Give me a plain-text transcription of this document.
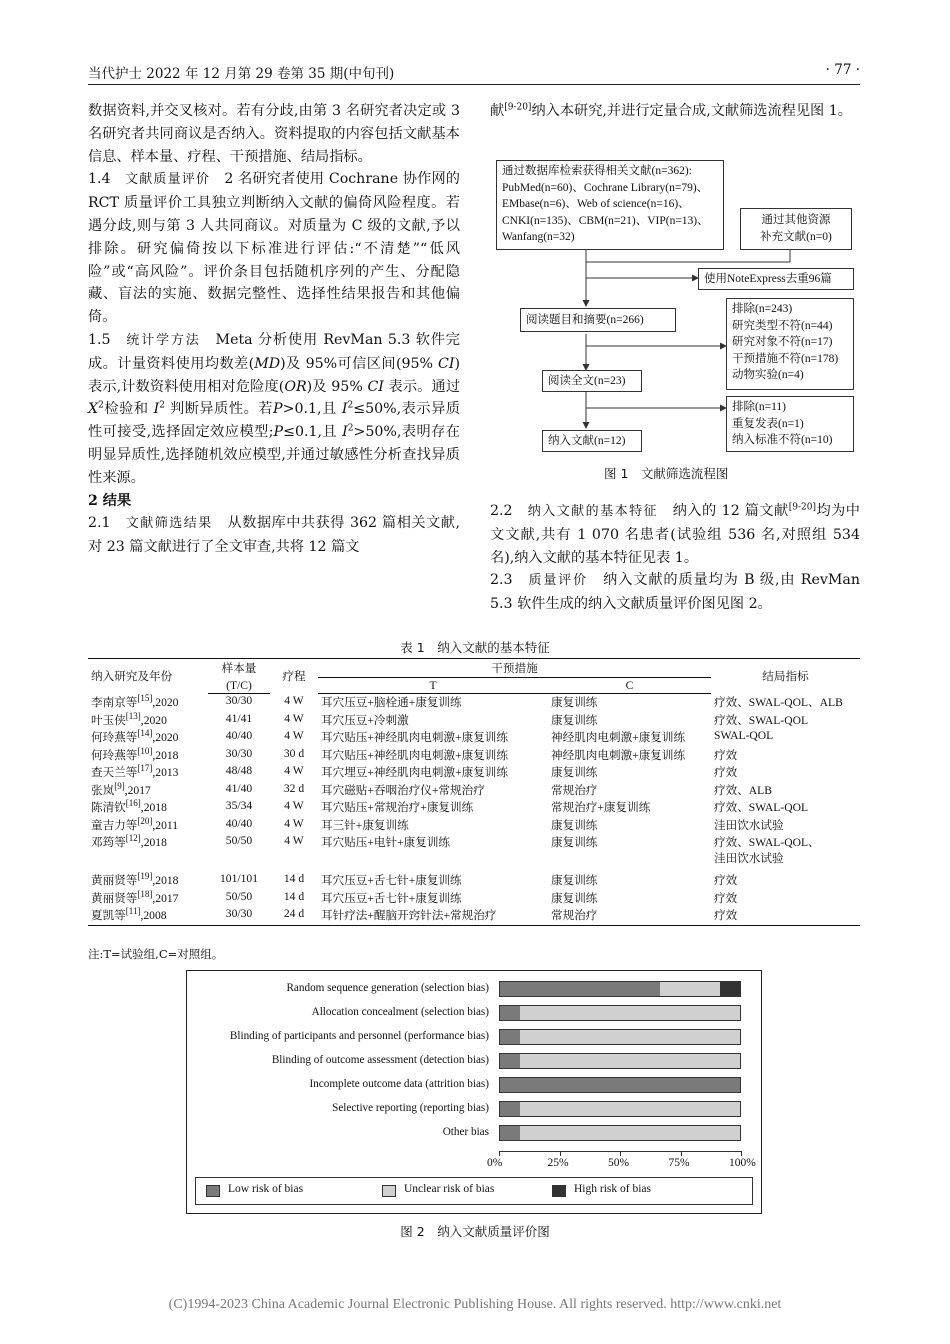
当代护士 2022 年 12 月第 29 卷第 35 期(中旬刊)	· 77 ·

数据资料,并交叉核对。若有分歧,由第 3 名研究者决定或 3 名研究者共同商议是否纳入。资料提取的内容包括文献基本信息、样本量、疗程、干预措施、结局指标。

1.4　 文献质量评价　 2 名研究者使用 Cochrane 协作网的 RCT 质量评价工具独立判断纳入文献的偏倚风险程度。若遇分歧,则与第 3 人共同商议。对质量为 C 级的文献,予以排除。研究偏倚按以下标准进行评估:“不清楚”“低风险”或“高风险”。评价条目包括随机序列的产生、分配隐藏、盲法的实施、数据完整性、选择性结果报告和其他偏倚。

1.5　 统计学方法　 Meta 分析使用 RevMan 5.3 软件完成。计量资料使用均数差(MD)及 95%可信区间(95% CI)表示,计数资料使用相对危险度(OR)及 95% CI 表示。通过$X^2$检验和 $I^2$ 判断异质性。若P>0.1,且 $I^2\le 50\%$,表示异质性可接受,选择固定效应模型;P≤0.1,且 $I^2>50\%$,表明存在明显异质性,选择随机效应模型,并通过敏感性分析查找异质性来源。

2 结果

2.1　 文献筛选结果　 从数据库中共获得 362 篇相关文献,对 23 篇文献进行了全文审查,共将 12 篇文

献[9-20]纳入本研究,并进行定量合成,文献筛选流程见图 1。

通过数据库检索获得相关文献(n=362):
PubMed(n=60)、Cochrane Library(n=79)、
EMbase(n=6)、Web of science(n=16)、
CNKI(n=135)、CBM(n=21)、VIP(n=13)、
Wanfang(n=32)
通过其他资源
补充文献(n=0)
使用NoteExpress去重96篇
阅读题目和摘要(n=266)
排除(n=243)
研究类型不符(n=44)
研究对象不符(n=17)
干预措施不符(n=178)
动物实验(n=4)
阅读全文(n=23)
排除(n=11)
重复发表(n=1)
纳入标准不符(n=10)
纳入文献(n=12)
图 1　文献筛选流程图

2.2　 纳入文献的基本特征　 纳入的 12 篇文献[9-20]均为中文文献,共有 1 070 名患者(试验组 536 名,对照组 534 名),纳入文献的基本特征见表 1。

2.3　 质量评价　 纳入文献的质量均为 B 级,由 RevMan 5.3 软件生成的纳入文献质量评价图见图 2。

表 1　纳入文献的基本特征
纳入研究及年份	样本量	疗程	干预措施		结局指标
	(T/C)		T	C	
李南京等[15],2020	30/30	4 W	耳穴压豆+脑栓通+康复训练	康复训练	疗效、SWAL-QOL、ALB
叶玉侠[13],2020	41/41	4 W	耳穴压豆+冷刺激	康复训练	疗效、SWAL-QOL
何玲燕等[14],2020	40/40	4 W	耳穴贴压+神经肌肉电刺激+康复训练	神经肌肉电刺激+康复训练	SWAL-QOL
何玲燕等[10],2018	30/30	30 d	耳穴贴压+神经肌肉电刺激+康复训练	神经肌肉电刺激+康复训练	疗效
查天兰等[17],2013	48/48	4 W	耳穴埋豆+神经肌肉电刺激+康复训练	康复训练	疗效
张岚[9],2017	41/40	32 d	耳穴磁贴+吞咽治疗仪+常规治疗	常规治疗	疗效、ALB
陈清钦[16],2018	35/34	4 W	耳穴贴压+常规治疗+康复训练	常规治疗+康复训练	疗效、SWAL-QOL
童吉力等[20],2011	40/40	4 W	耳三针+康复训练	康复训练	洼田饮水试验
邓筠等[12],2018	50/50	4 W	耳穴贴压+电针+康复训练	康复训练	疗效、SWAL-QOL、
洼田饮水试验

黄丽贤等[19],2018	101/101	14 d	耳穴压豆+舌七针+康复训练	康复训练	疗效
黄丽贤等[18],2017	50/50	14 d	耳穴压豆+舌七针+康复训练	康复训练	疗效
夏凯等[11],2008	30/30	24 d	耳针疗法+醒脑开窍针法+常规治疗	常规治疗	疗效
注:T=试验组,C=对照组。
Random sequence generation (selection bias)
Allocation concealment (selection bias)
Blinding of participants and personnel (performance bias)
Blinding of outcome assessment (detection bias)
Incomplete outcome data (attrition bias)
Selective reporting (reporting bias)
Other bias
0%	25%	50%	75%	100%
Low risk of bias	Unclear risk of bias	High risk of bias
图 2　纳入文献质量评价图
(C)1994-2023 China Academic Journal Electronic Publishing House. All rights reserved. http://www.cnki.net
